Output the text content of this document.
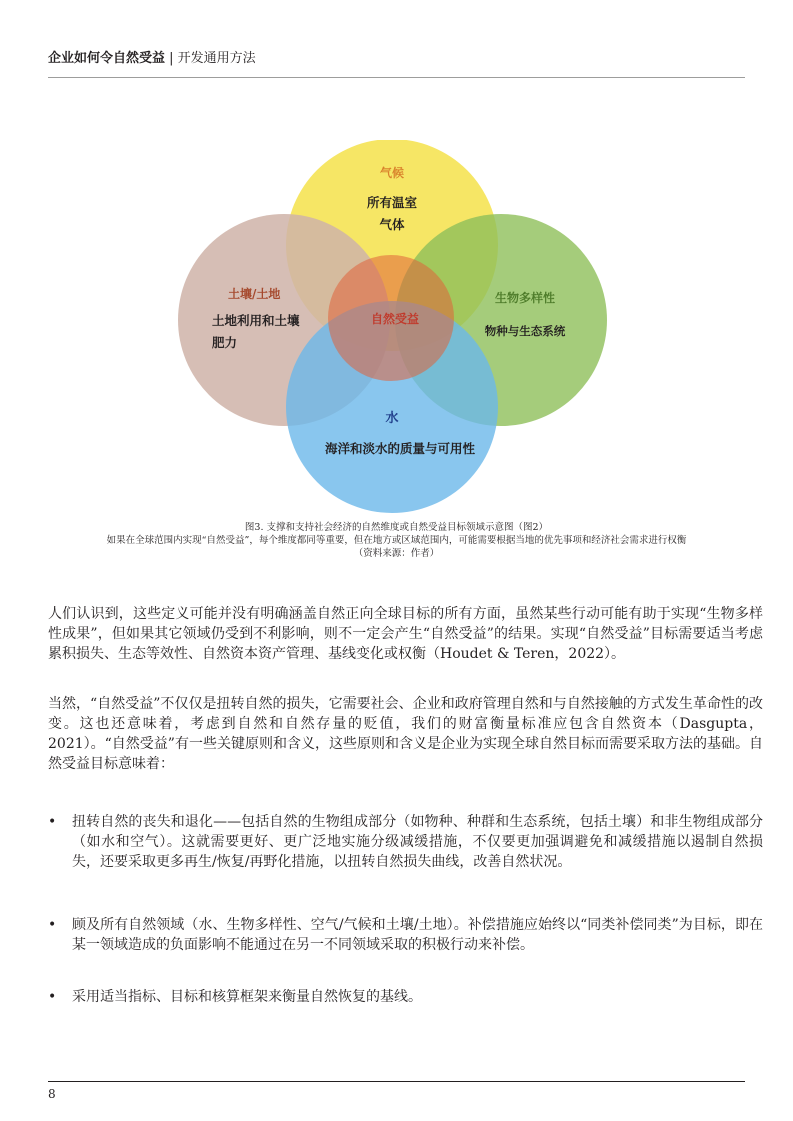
企业如何令自然受益 | 开发通用方法
气候
所有温室
气体
土壤/土地
土地利用和土壤
肥力
生物多样性
物种与生态系统
水
海洋和淡水的质量与可用性
自然受益
图3. 支撑和支持社会经济的自然维度或自然受益目标领域示意图（图2）
如果在全球范围内实现“自然受益”，每个维度都同等重要，但在地方或区域范围内，可能需要根据当地的优先事项和经济社会需求进行权衡
（资料来源：作者）
人们认识到，这些定义可能并没有明确涵盖自然正向全球目标的所有方面，虽然某些行动可能有助于实现“生物多样性成果”，但如果其它领域仍受到不利影响，则不一定会产生“自然受益”的结果。实现“自然受益”目标需要适当考虑累积损失、生态等效性、自然资本资产管理、基线变化或权衡（Houdet & Teren，2022）。
当然，“自然受益”不仅仅是扭转自然的损失，它需要社会、企业和政府管理自然和与自然接触的方式发生革命性的改变。这也还意味着，考虑到自然和自然存量的贬值，我们的财富衡量标准应包含自然资本（Dasgupta，2021）。“自然受益”有一些关键原则和含义，这些原则和含义是企业为实现全球自然目标而需要采取方法的基础。自然受益目标意味着：
• 扭转自然的丧失和退化——包括自然的生物组成部分（如物种、种群和生态系统，包括土壤）和非生物组成部分（如水和空气）。这就需要更好、更广泛地实施分级减缓措施，不仅要更加强调避免和减缓措施以遏制自然损失，还要采取更多再生/恢复/再野化措施，以扭转自然损失曲线，改善自然状况。
• 顾及所有自然领域（水、生物多样性、空气/气候和土壤/土地）。补偿措施应始终以“同类补偿同类”为目标，即在某一领域造成的负面影响不能通过在另一不同领域采取的积极行动来补偿。
• 采用适当指标、目标和核算框架来衡量自然恢复的基线。
8
